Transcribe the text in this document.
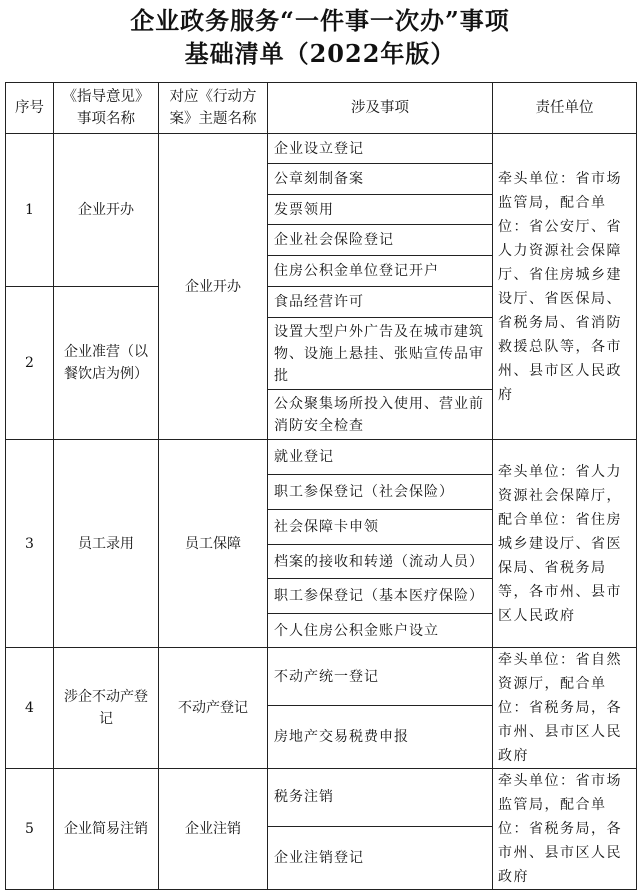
企业政务服务“一件事一次办”事项
基础清单（2022年版）
序号	《指导意见》事项名称	对应《行动方案》主题名称	涉及事项	责任单位
1	企业开办	企业开办	企业设立登记	牵头单位：省市场监管局，配合单位：省公安厅、省人力资源社会保障厅、省住房城乡建设厅、省医保局、省税务局、省消防救援总队等，各市州、县市区人民政府
			公章刻制备案	
			发票领用	
			企业社会保险登记	
			住房公积金单位登记开户	
2	企业准营（以餐饮店为例）		食品经营许可	
			设置大型户外广告及在城市建筑物、设施上悬挂、张贴宣传品审批	
			公众聚集场所投入使用、营业前消防安全检查	
3	员工录用	员工保障	就业登记	牵头单位：省人力资源社会保障厅，配合单位：省住房城乡建设厅、省医保局、省税务局等，各市州、县市区人民政府
			职工参保登记（社会保险）	
			社会保障卡申领	
			档案的接收和转递（流动人员）	
			职工参保登记（基本医疗保险）	
			个人住房公积金账户设立	
4	涉企不动产登记	不动产登记	不动产统一登记	牵头单位：省自然资源厅，配合单位：省税务局，各市州、县市区人民政府
			房地产交易税费申报	
5	企业简易注销	企业注销	税务注销	牵头单位：省市场监管局，配合单位：省税务局，各市州、县市区人民政府
			企业注销登记	
